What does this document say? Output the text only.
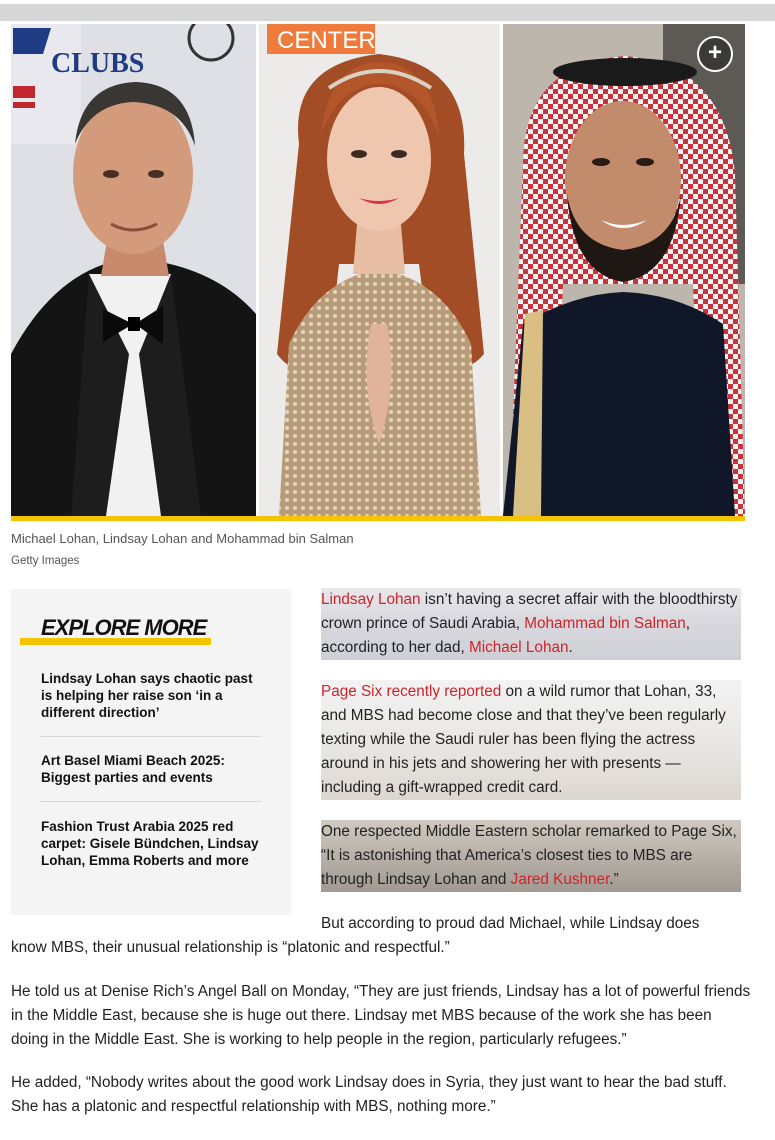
CLUBS
CENTER	+
Michael Lohan, Lindsay Lohan and Mohammad bin Salman
Getty Images
EXPLORE MORE
Lindsay Lohan says chaotic past is helping her raise son ‘in a different direction’
Art Basel Miami Beach 2025: Biggest parties and events
Fashion Trust Arabia 2025 red carpet: Gisele Bündchen, Lindsay Lohan, Emma Roberts and more

Lindsay Lohan isn’t having a secret affair with the bloodthirsty crown prince of Saudi Arabia, Mohammad bin Salman, according to her dad, Michael Lohan.

Page Six recently reported on a wild rumor that Lohan, 33, and MBS had become close and that they’ve been regularly texting while the Saudi ruler has been flying the actress around in his jets and showering her with presents — including a gift-wrapped credit card.

One respected Middle Eastern scholar remarked to Page Six, “It is astonishing that America’s closest ties to MBS are through Lindsay Lohan and Jared Kushner.”

But according to proud dad Michael, while Lindsay does
know MBS, their unusual relationship is “platonic and respectful.”

He told us at Denise Rich’s Angel Ball on Monday, “They are just friends, Lindsay has a lot of powerful friends in the Middle East, because she is huge out there. Lindsay met MBS because of the work she has been doing in the Middle East. She is working to help people in the region, particularly refugees.”

He added, “Nobody writes about the good work Lindsay does in Syria, they just want to hear the bad stuff. She has a platonic and respectful relationship with MBS, nothing more.”
